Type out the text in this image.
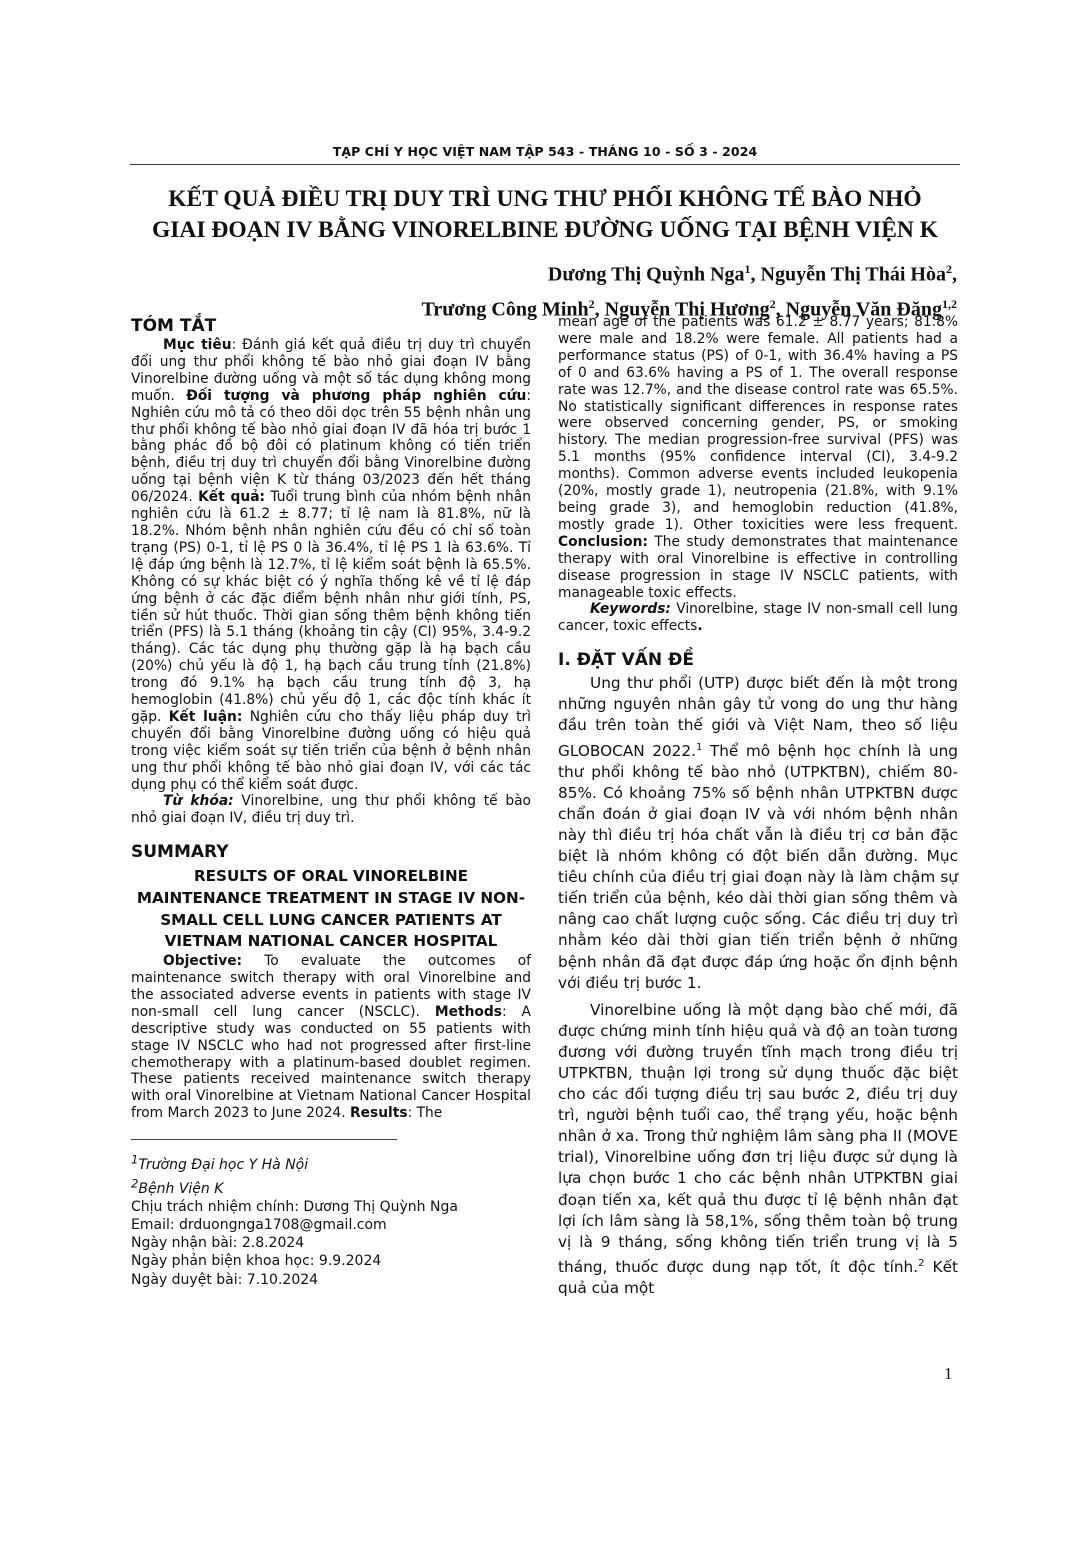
TẠP CHÍ Y HỌC VIỆT NAM TẬP 543 - THÁNG 10 - SỐ 3 - 2024
KẾT QUẢ ĐIỀU TRỊ DUY TRÌ UNG THƯ PHỔI KHÔNG TẾ BÀO NHỎ
GIAI ĐOẠN IV BẰNG VINORELBINE ĐƯỜNG UỐNG TẠI BỆNH VIỆN K
Dương Thị Quỳnh Nga$^1$, Nguyễn Thị Thái Hòa$^2$,
Trương Công Minh$^2$, Nguyễn Thị Hương$^2$, Nguyễn Văn Đăng$^{1,2}$
TÓM TẮT

Mục tiêu: Đánh giá kết quả điều trị duy trì chuyển đổi ung thư phổi không tế bào nhỏ giai đoạn IV bằng Vinorelbine đường uống và một số tác dụng không mong muốn. Đối tượng và phương pháp nghiên cứu: Nghiên cứu mô tả có theo dõi dọc trên 55 bệnh nhân ung thư phổi không tế bào nhỏ giai đoạn IV đã hóa trị bước 1 bằng phác đồ bộ đôi có platinum không có tiến triển bệnh, điều trị duy trì chuyển đổi bằng Vinorelbine đường uống tại bệnh viện K từ tháng 03/2023 đến hết tháng 06/2024. Kết quả: Tuổi trung bình của nhóm bệnh nhân nghiên cứu là 61.2 ± 8.77; tỉ lệ nam là 81.8%, nữ là 18.2%. Nhóm bệnh nhân nghiên cứu đều có chỉ số toàn trạng (PS) 0-1, tỉ lệ PS 0 là 36.4%, tỉ lệ PS 1 là 63.6%. Tỉ lệ đáp ứng bệnh là 12.7%, tỉ lệ kiểm soát bệnh là 65.5%. Không có sự khác biệt có ý nghĩa thống kê về tỉ lệ đáp ứng bệnh ở các đặc điểm bệnh nhân như giới tính, PS, tiền sử hút thuốc. Thời gian sống thêm bệnh không tiến triển (PFS) là 5.1 tháng (khoảng tin cậy (CI) 95%, 3.4-9.2 tháng). Các tác dụng phụ thường gặp là hạ bạch cầu (20%) chủ yếu là độ 1, hạ bạch cầu trung tính (21.8%) trong đó 9.1% hạ bạch cầu trung tính độ 3, hạ hemoglobin (41.8%) chủ yếu độ 1, các độc tính khác ít gặp. Kết luận: Nghiên cứu cho thấy liệu pháp duy trì chuyển đổi bằng Vinorelbine đường uống có hiệu quả trong việc kiểm soát sự tiến triển của bệnh ở bệnh nhân ung thư phổi không tế bào nhỏ giai đoạn IV, với các tác dụng phụ có thể kiểm soát được.

Từ khóa: Vinorelbine, ung thư phổi không tế bào nhỏ giai đoạn IV, điều trị duy trì.

SUMMARY

RESULTS OF ORAL VINORELBINE MAINTENANCE TREATMENT IN STAGE IV NON-SMALL CELL LUNG CANCER PATIENTS AT VIETNAM NATIONAL CANCER HOSPITAL

Objective: To evaluate the outcomes of maintenance switch therapy with oral Vinorelbine and the associated adverse events in patients with stage IV non-small cell lung cancer (NSCLC). Methods: A descriptive study was conducted on 55 patients with stage IV NSCLC who had not progressed after first-line chemotherapy with a platinum-based doublet regimen. These patients received maintenance switch therapy with oral Vinorelbine at Vietnam National Cancer Hospital from March 2023 to June 2024. Results: The

$^1$Trường Đại học Y Hà Nội

$^2$Bệnh Viện K

Chịu trách nhiệm chính: Dương Thị Quỳnh Nga

Email: drduongnga1708@gmail.com

Ngày nhận bài: 2.8.2024

Ngày phản biện khoa học: 9.9.2024

Ngày duyệt bài: 7.10.2024

mean age of the patients was 61.2 ± 8.77 years; 81.8% were male and 18.2% were female. All patients had a performance status (PS) of 0-1, with 36.4% having a PS of 0 and 63.6% having a PS of 1. The overall response rate was 12.7%, and the disease control rate was 65.5%. No statistically significant differences in response rates were observed concerning gender, PS, or smoking history. The median progression-free survival (PFS) was 5.1 months (95% confidence interval (CI), 3.4-9.2 months). Common adverse events included leukopenia (20%, mostly grade 1), neutropenia (21.8%, with 9.1% being grade 3), and hemoglobin reduction (41.8%, mostly grade 1). Other toxicities were less frequent. Conclusion: The study demonstrates that maintenance therapy with oral Vinorelbine is effective in controlling disease progression in stage IV NSCLC patients, with manageable toxic effects.

Keywords: Vinorelbine, stage IV non-small cell lung cancer, toxic effects.

I. ĐẶT VẤN ĐỀ

Ung thư phổi (UTP) được biết đến là một trong những nguyên nhân gây tử vong do ung thư hàng đầu trên toàn thế giới và Việt Nam, theo số liệu GLOBOCAN 2022.$^1$ Thể mô bệnh học chính là ung thư phổi không tế bào nhỏ (UTPKTBN), chiếm 80-85%. Có khoảng 75% số bệnh nhân UTPKTBN được chẩn đoán ở giai đoạn IV và với nhóm bệnh nhân này thì điều trị hóa chất vẫn là điều trị cơ bản đặc biệt là nhóm không có đột biến dẫn đường. Mục tiêu chính của điều trị giai đoạn này là làm chậm sự tiến triển của bệnh, kéo dài thời gian sống thêm và nâng cao chất lượng cuộc sống. Các điều trị duy trì nhằm kéo dài thời gian tiến triển bệnh ở những bệnh nhân đã đạt được đáp ứng hoặc ổn định bệnh với điều trị bước 1.

Vinorelbine uống là một dạng bào chế mới, đã được chứng minh tính hiệu quả và độ an toàn tương đương với đường truyền tĩnh mạch trong điều trị UTPKTBN, thuận lợi trong sử dụng thuốc đặc biệt cho các đối tượng điều trị sau bước 2, điều trị duy trì, người bệnh tuổi cao, thể trạng yếu, hoặc bệnh nhân ở xa. Trong thử nghiệm lâm sàng pha II (MOVE trial), Vinorelbine uống đơn trị liệu được sử dụng là lựa chọn bước 1 cho các bệnh nhân UTPKTBN giai đoạn tiến xa, kết quả thu được tỉ lệ bệnh nhân đạt lợi ích lâm sàng là 58,1%, sống thêm toàn bộ trung vị là 9 tháng, sống không tiến triển trung vị là 5 tháng, thuốc được dung nạp tốt, ít độc tính.$^2$ Kết quả của một

1
